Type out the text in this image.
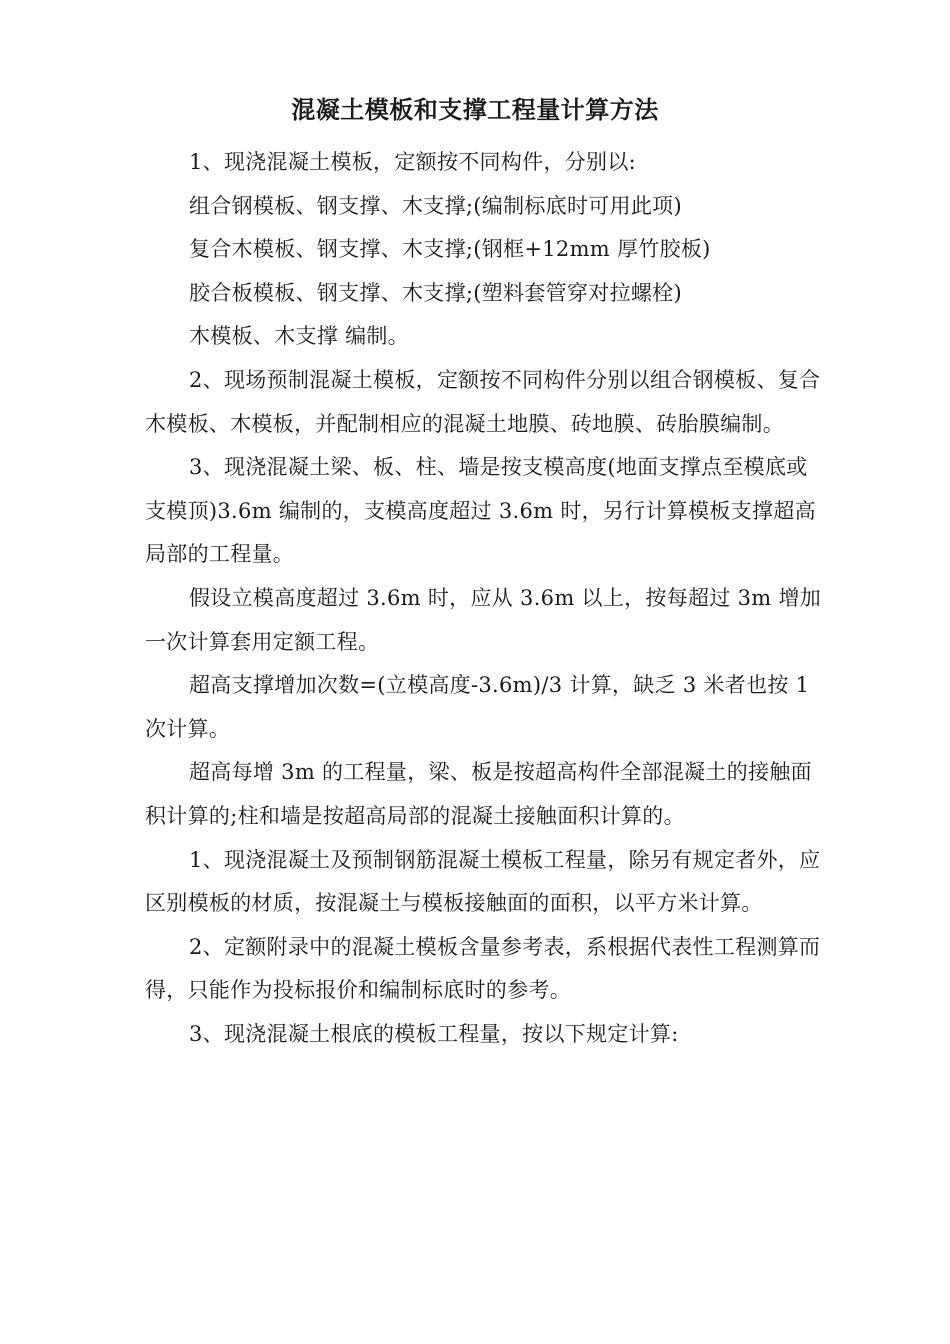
混凝土模板和支撑工程量计算方法

1、现浇混凝土模板，定额按不同构件，分别以:

组合钢模板、钢支撑、木支撑;(编制标底时可用此项)

复合木模板、钢支撑、木支撑;(钢框+12mm 厚竹胶板)

胶合板模板、钢支撑、木支撑;(塑料套管穿对拉螺栓)

木模板、木支撑 编制。

2、现场预制混凝土模板，定额按不同构件分别以组合钢模板、复合木模板、木模板，并配制相应的混凝土地膜、砖地膜、砖胎膜编制。

3、现浇混凝土梁、板、柱、墙是按支模高度(地面支撑点至模底或支模顶)3.6m 编制的，支模高度超过 3.6m 时，另行计算模板支撑超高局部的工程量。

假设立模高度超过 3.6m 时，应从 3.6m 以上，按每超过 3m 增加一次计算套用定额工程。

超高支撑增加次数=(立模高度-3.6m)/3 计算，缺乏 3 米者也按 1 次计算。

超高每增 3m 的工程量，梁、板是按超高构件全部混凝土的接触面积计算的;柱和墙是按超高局部的混凝土接触面积计算的。

1、现浇混凝土及预制钢筋混凝土模板工程量，除另有规定者外，应区别模板的材质，按混凝土与模板接触面的面积，以平方米计算。

2、定额附录中的混凝土模板含量参考表，系根据代表性工程测算而得，只能作为投标报价和编制标底时的参考。

3、现浇混凝土根底的模板工程量，按以下规定计算:
